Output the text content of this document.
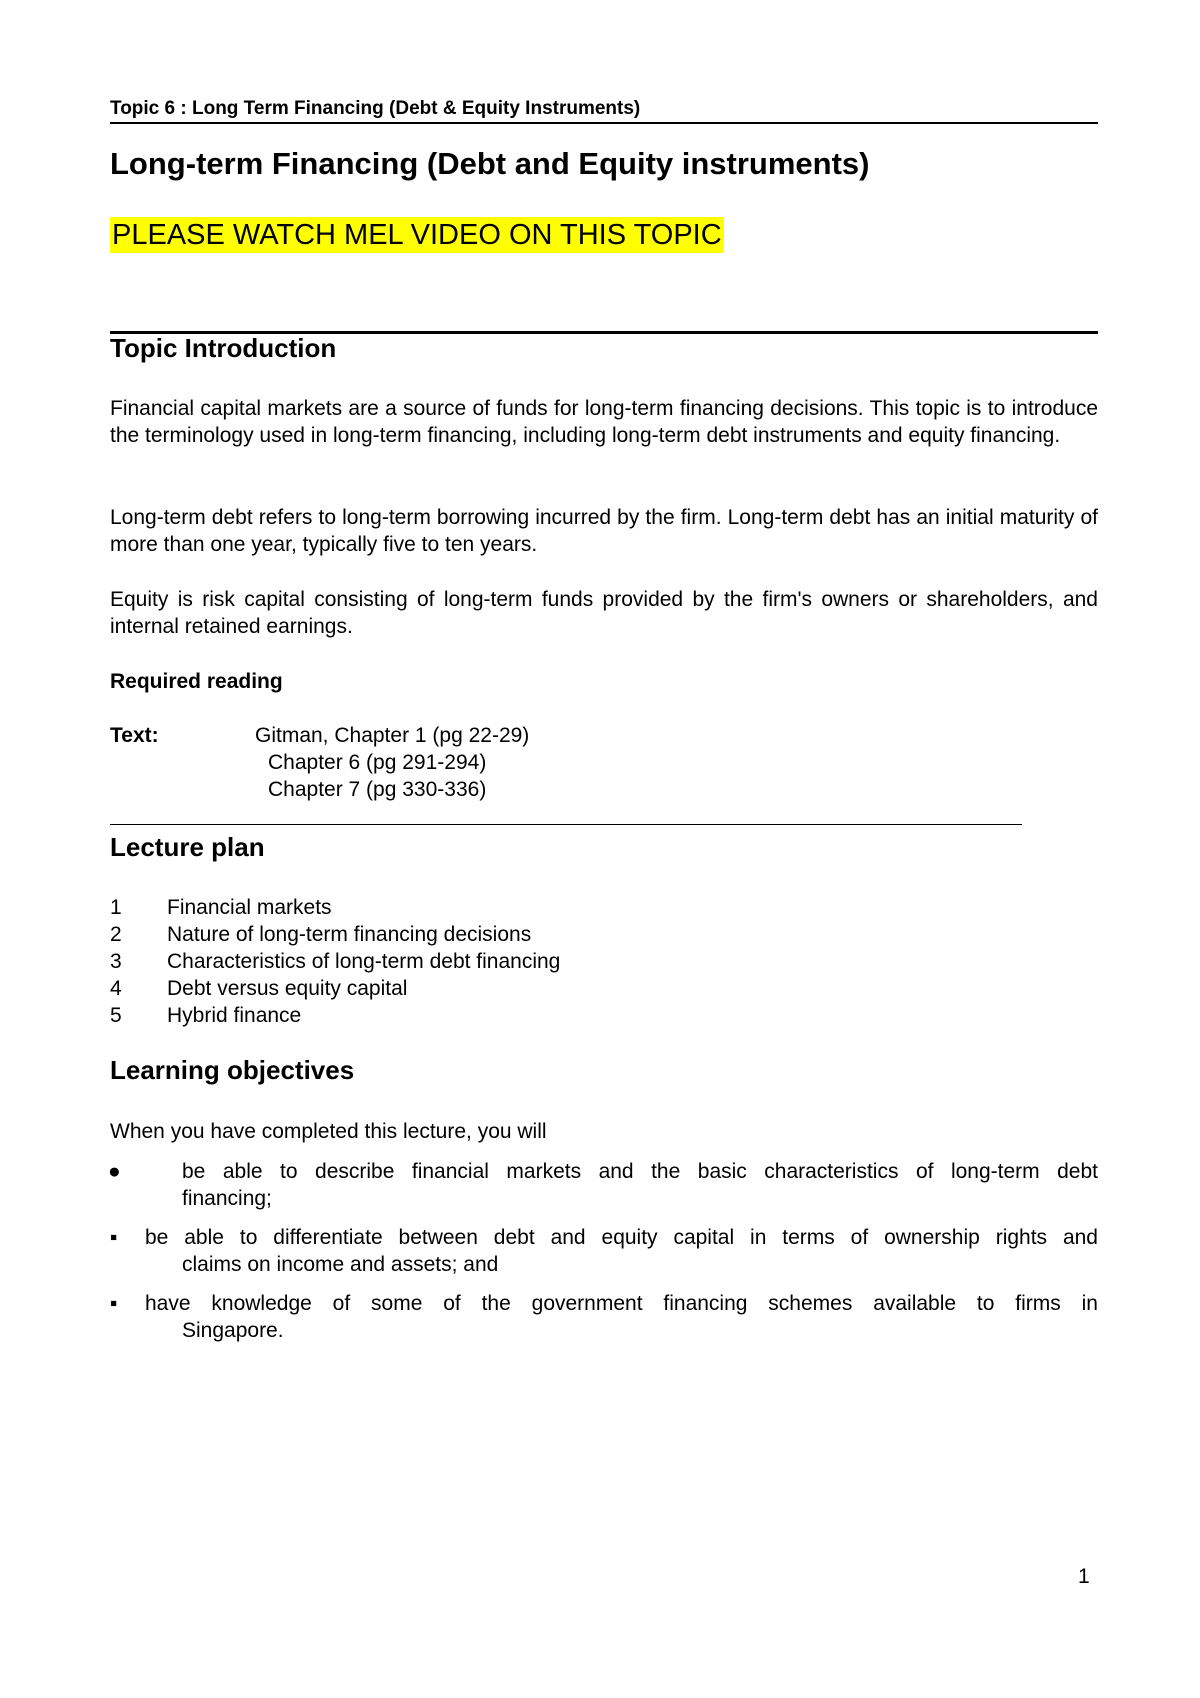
Topic 6 : Long Term Financing (Debt & Equity Instruments)
Long-term Financing (Debt and Equity instruments)
PLEASE WATCH MEL VIDEO ON THIS TOPIC
Topic Introduction
Financial capital markets are a source of funds for long-term financing decisions. This topic is to introduce the terminology used in long-term financing, including long-term debt instruments and equity financing.
Long-term debt refers to long-term borrowing incurred by the firm. Long-term debt has an initial maturity of more than one year, typically five to ten years.
Equity is risk capital consisting of long-term funds provided by the firm's owners or shareholders, and internal retained earnings.
Required reading
Text:	Gitman, Chapter 1 (pg 22-29)
Chapter 6 (pg 291-294)
Chapter 7 (pg 330-336)
Lecture plan
1	Financial markets
2	Nature of long-term financing decisions
3	Characteristics of long-term debt financing
4	Debt versus equity capital
5	Hybrid finance
Learning objectives
When you have completed this lecture, you will
●	be able to describe financial markets and the basic characteristics of long-term debt
financing;
▪ be able to differentiate between debt and equity capital in terms of ownership rights and
claims on income and assets; and
▪ have knowledge of some of the government financing schemes available to firms in
Singapore.
1
